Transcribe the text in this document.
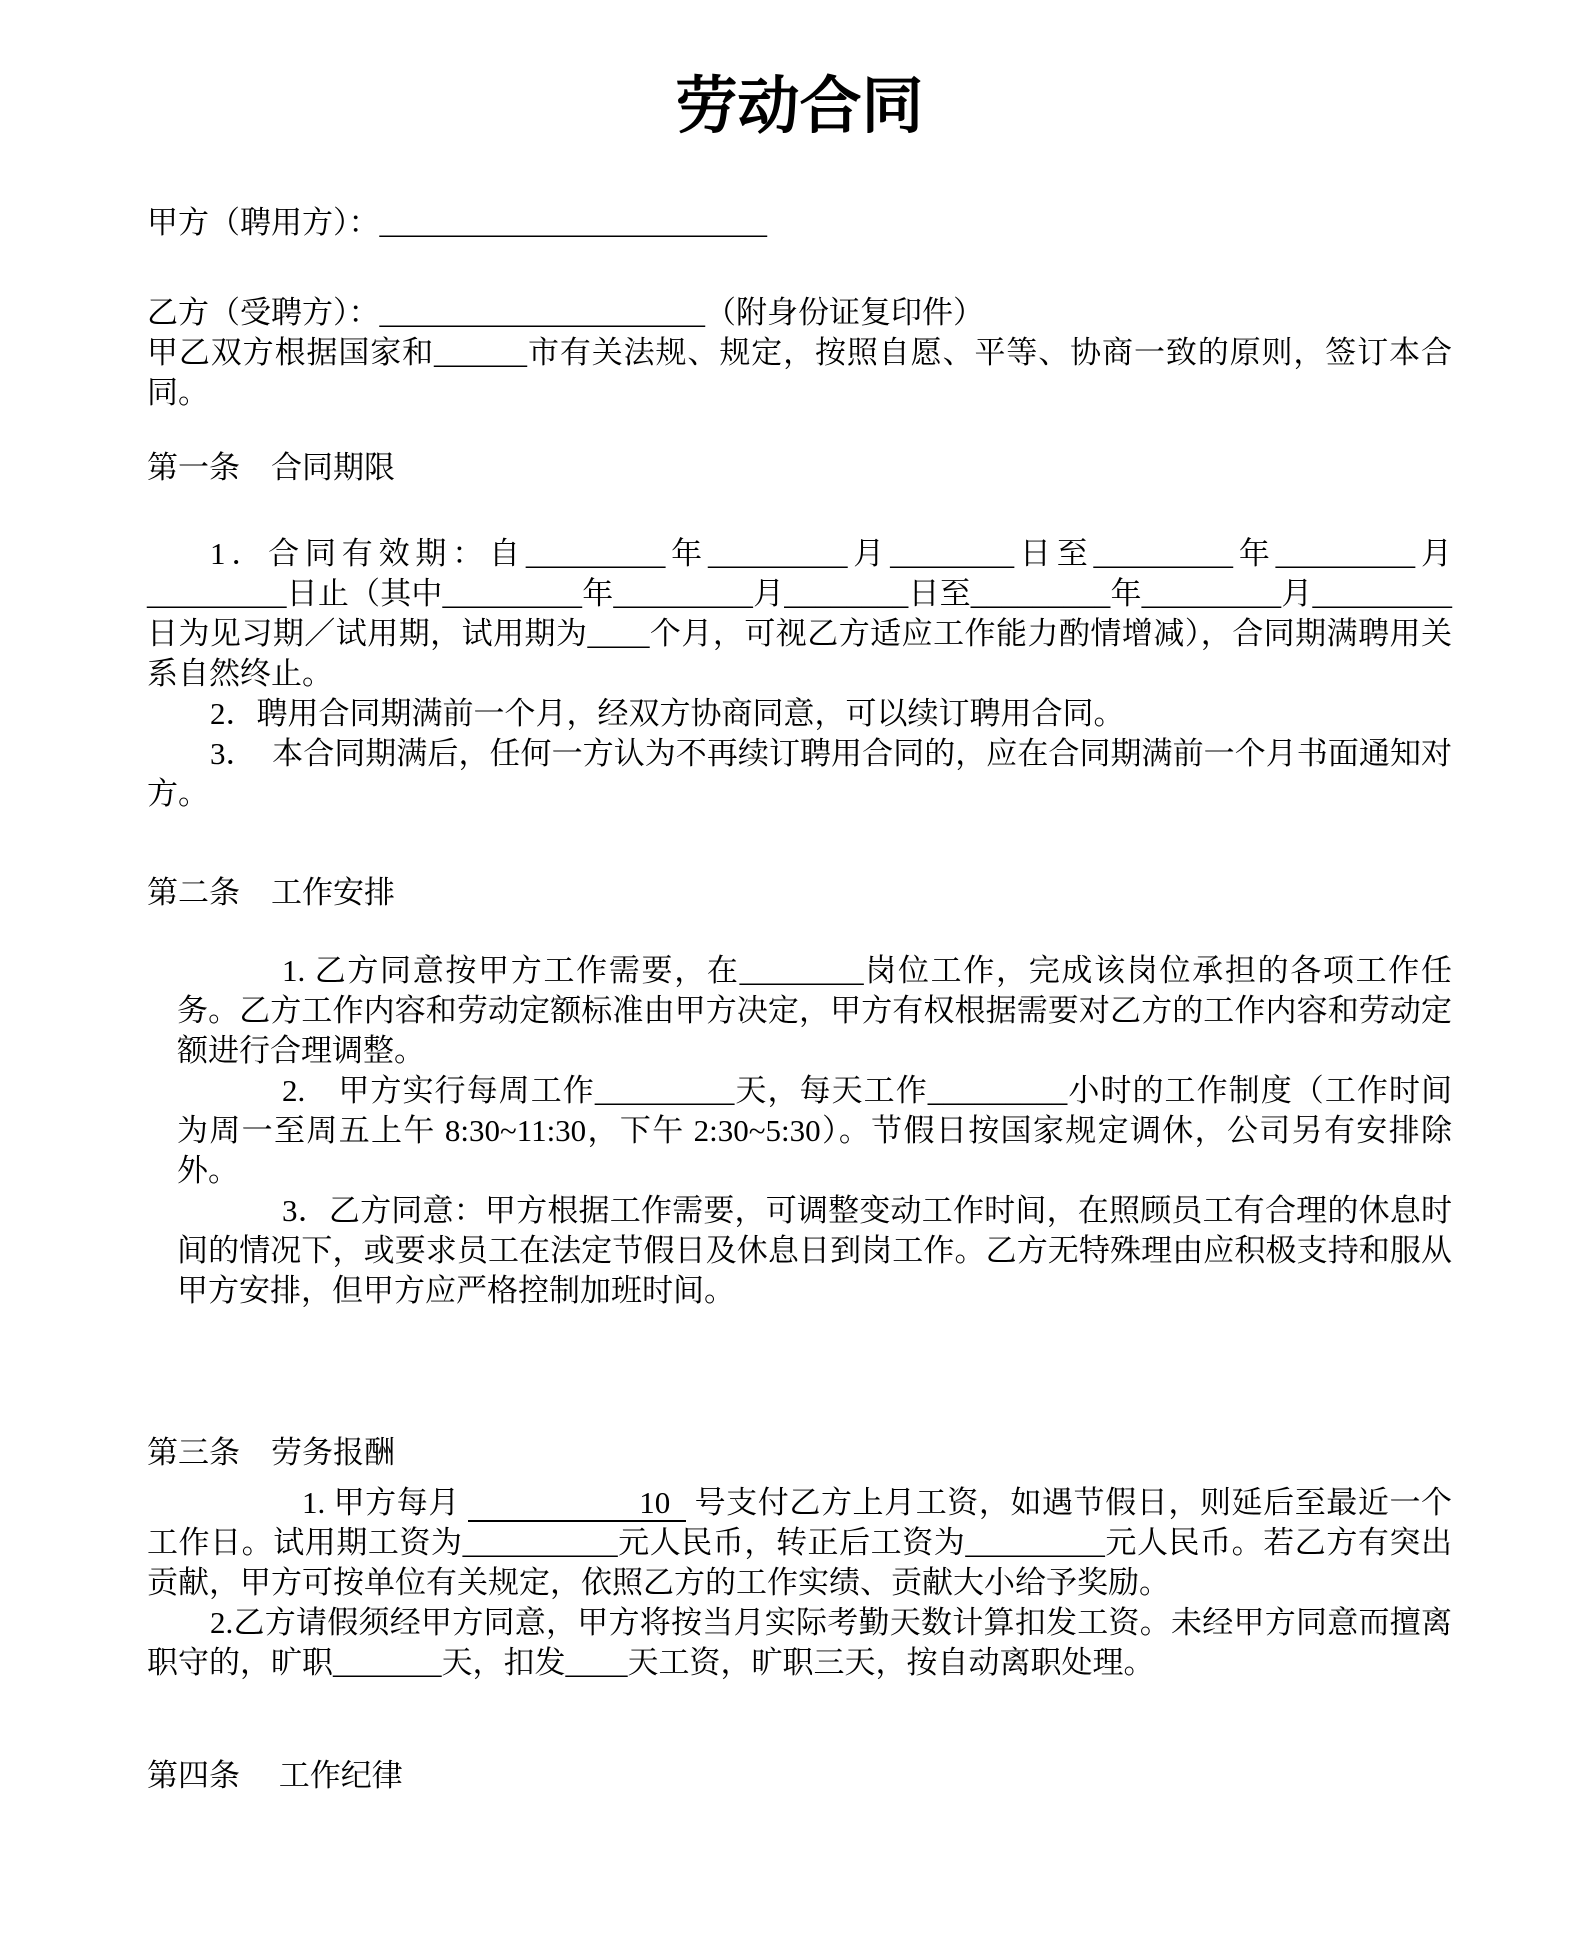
劳动合同
甲方（聘用方）：_________________________
乙方（受聘方）：_____________________（附身份证复印件）

甲乙双方根据国家和______市有关法规、规定，按照自愿、平等、协商一致的原则，签订本合同。

第一条　合同期限

1．合同有效期：自_________年_________月________日至_________年_________月_________日止（其中_________年_________月________日至_________年_________月_________日为见习期／试用期，试用期为____个月，可视乙方适应工作能力酌情增减），合同期满聘用关系自然终止。

2．聘用合同期满前一个月，经双方协商同意，可以续订聘用合同。

3．　本合同期满后，任何一方认为不再续订聘用合同的，应在合同期满前一个月书面通知对方。

第二条　工作安排

1. 乙方同意按甲方工作需要，在________岗位工作，完成该岗位承担的各项工作任务。乙方工作内容和劳动定额标准由甲方决定，甲方有权根据需要对乙方的工作内容和劳动定额进行合理调整。

2.　甲方实行每周工作_________天，每天工作_________小时的工作制度（工作时间为周一至周五上午 8:30~11:30，下午 2:30~5:30）。节假日按国家规定调休，公司另有安排除外。

3．乙方同意：甲方根据工作需要，可调整变动工作时间，在照顾员工有合理的休息时间的情况下，或要求员工在法定节假日及休息日到岗工作。乙方无特殊理由应积极支持和服从甲方安排，但甲方应严格控制加班时间。

第三条　劳务报酬

1. 甲方每月	10 号支付乙方上月工资，如遇节假日，则延后至最近一个工作日。试用期工资为__________元人民币，转正后工资为_________元人民币。若乙方有突出贡献，甲方可按单位有关规定，依照乙方的工作实绩、贡献大小给予奖励。

2.乙方请假须经甲方同意，甲方将按当月实际考勤天数计算扣发工资。未经甲方同意而擅离职守的，旷职_______天，扣发____天工资，旷职三天，按自动离职处理。

第四条　 工作纪律
